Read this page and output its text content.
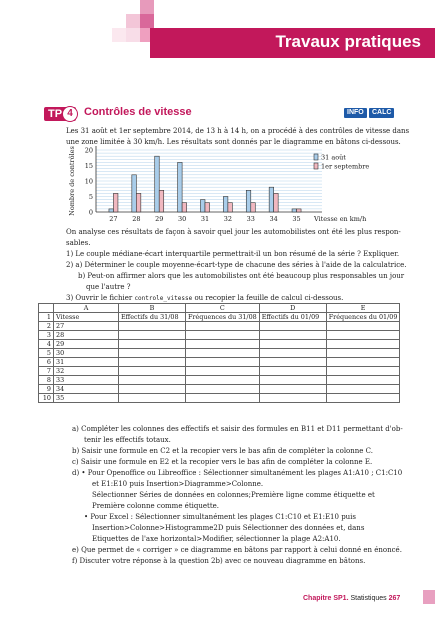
Travaux pratiques
TP 4	Contrôles de vitesse	INFO	CALC
Les 31 août et 1er septembre 2014, de 13 h à 14 h, on a procédé à des contrôles de vitesse dans
une zone limitée à 30 km/h. Les résultats sont donnés par le diagramme en bâtons ci-dessous.
0
5
10
15
20
Nombre de contrôles
27 28 29 30 31 32 33 34 35 Vitesse en km/h
31 août
1er septembre
On analyse ces résultats de façon à savoir quel jour les automobilistes ont été les plus respon-
sables.
1) Le couple médiane-écart interquartile permettrait-il un bon résumé de la série ? Expliquer.
2) a) Déterminer le couple moyenne-écart-type de chacune des séries à l'aide de la calculatrice.
b) Peut-on affirmer alors que les automobilistes ont été beaucoup plus responsables un jour
que l'autre ?
3) Ouvrir le fichier controle_vitesse ou recopier la feuille de calcul ci-dessous.
	A	B	C	D	E
1	Vitesse	Effectifs du 31/08	Fréquences du 31/08	Effectifs du 01/09	Fréquences du 01/09
2	27				
3	28				
4	29				
5	30				
6	31				
7	32				
8	33				
9	34				
10	35				
a) Compléter les colonnes des effectifs et saisir des formules en B11 et D11 permettant d'ob-
tenir les effectifs totaux.
b) Saisir une formule en C2 et la recopier vers le bas afin de compléter la colonne C.
c) Saisir une formule en E2 et la recopier vers le bas afin de compléter la colonne E.
d) • Pour Openoffice ou Libreoffice : Sélectionner simultanément les plages A1:A10 ; C1:C10
et E1:E10 puis Insertion>Diagramme>Colonne.
Sélectionner Séries de données en colonnes;Première ligne comme étiquette et
Première colonne comme étiquette.
• Pour Excel : Sélectionner simultanément les plages C1:C10 et E1:E10 puis
Insertion>Colonne>Histogramme2D puis Sélectionner des données et, dans
Etiquettes de l'axe horizontal>Modifier, sélectionner la plage A2:A10.
e) Que permet de « corriger » ce diagramme en bâtons par rapport à celui donné en énoncé.
f) Discuter votre réponse à la question 2b) avec ce nouveau diagramme en bâtons.
Chapitre SP1. Statistiques 267
